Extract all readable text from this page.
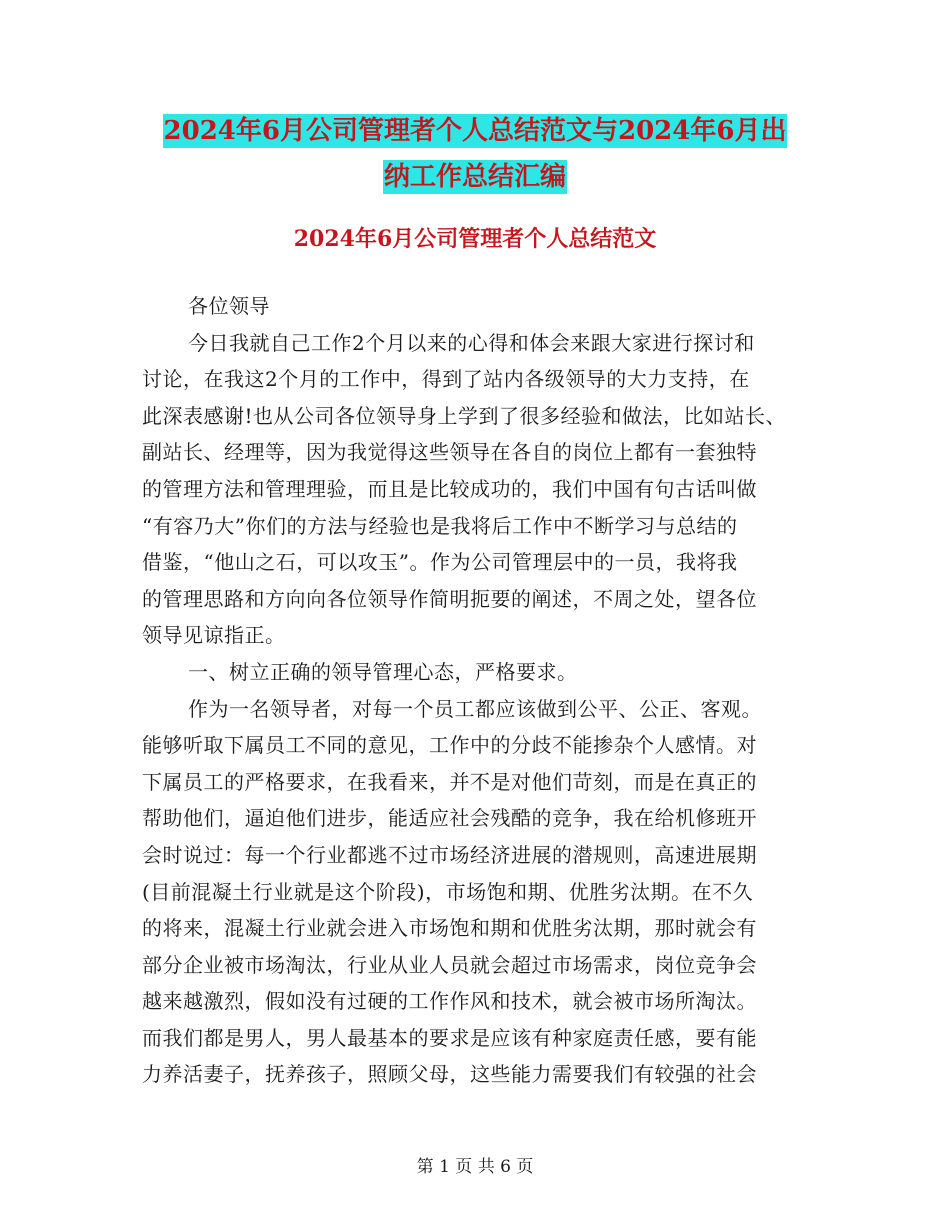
2024年6月公司管理者个人总结范文与2024年6月出
纳工作总结汇编
2024年6月公司管理者个人总结范文
各位领导
今日我就自己工作2个月以来的心得和体会来跟大家进行探讨和
讨论，在我这2个月的工作中，得到了站内各级领导的大力支持，在
此深表感谢!也从公司各位领导身上学到了很多经验和做法，比如站长、
副站长、经理等，因为我觉得这些领导在各自的岗位上都有一套独特
的管理方法和管理理验，而且是比较成功的，我们中国有句古话叫做
“有容乃大”你们的方法与经验也是我将后工作中不断学习与总结的
借鉴，“他山之石，可以攻玉”。作为公司管理层中的一员，我将我
的管理思路和方向向各位领导作简明扼要的阐述，不周之处，望各位
领导见谅指正。
一、树立正确的领导管理心态，严格要求。
作为一名领导者，对每一个员工都应该做到公平、公正、客观。
能够听取下属员工不同的意见，工作中的分歧不能掺杂个人感情。对
下属员工的严格要求，在我看来，并不是对他们苛刻，而是在真正的
帮助他们，逼迫他们进步，能适应社会残酷的竞争，我在给机修班开
会时说过：每一个行业都逃不过市场经济进展的潜规则，高速进展期
(目前混凝土行业就是这个阶段)，市场饱和期、优胜劣汰期。在不久
的将来，混凝土行业就会进入市场饱和期和优胜劣汰期，那时就会有
部分企业被市场淘汰，行业从业人员就会超过市场需求，岗位竞争会
越来越激烈，假如没有过硬的工作作风和技术，就会被市场所淘汰。
而我们都是男人，男人最基本的要求是应该有种家庭责任感，要有能
力养活妻子，抚养孩子，照顾父母，这些能力需要我们有较强的社会
第 1 页 共 6 页
